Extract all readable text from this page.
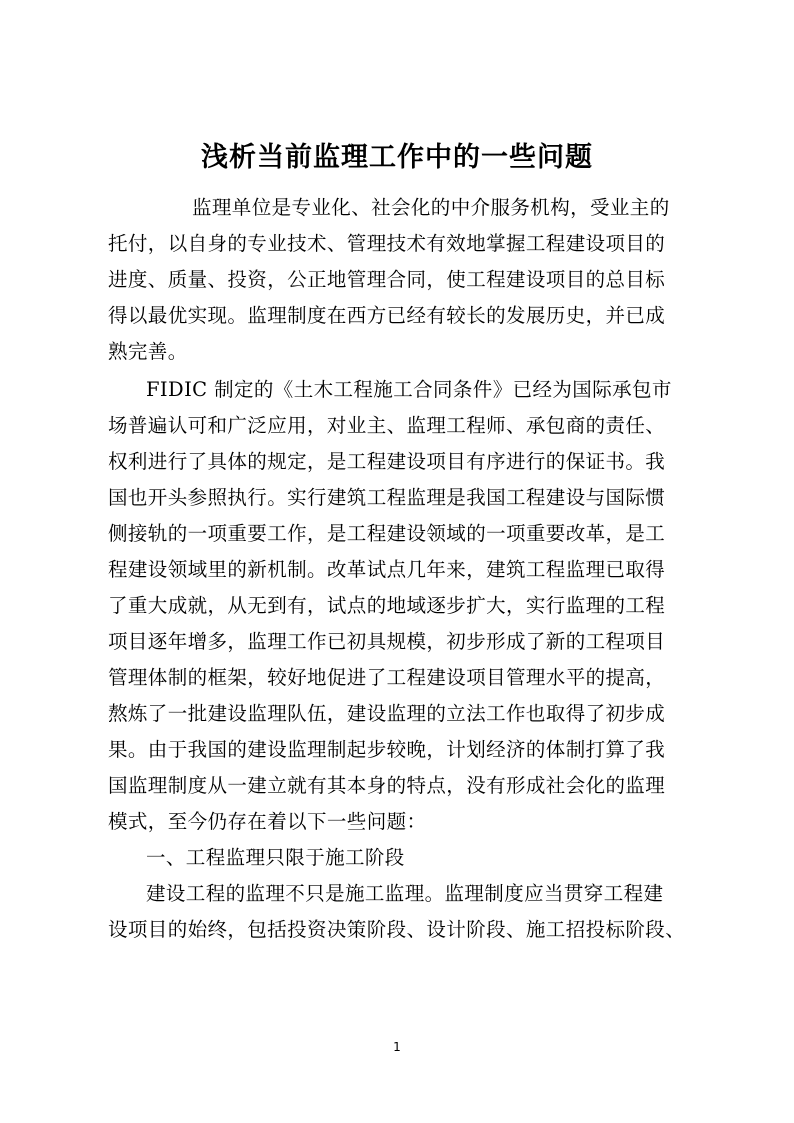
浅析当前监理工作中的一些问题
监理单位是专业化、社会化的中介服务机构，受业主的
托付，以自身的专业技术、管理技术有效地掌握工程建设项目的
进度、质量、投资，公正地管理合同，使工程建设项目的总目标
得以最优实现。监理制度在西方已经有较长的发展历史，并已成
熟完善。
FIDIC 制定的《土木工程施工合同条件》已经为国际承包市
场普遍认可和广泛应用，对业主、监理工程师、承包商的责任、
权利进行了具体的规定，是工程建设项目有序进行的保证书。我
国也开头参照执行。实行建筑工程监理是我国工程建设与国际惯
侧接轨的一项重要工作，是工程建设领域的一项重要改革，是工
程建设领域里的新机制。改革试点几年来，建筑工程监理已取得
了重大成就，从无到有，试点的地域逐步扩大，实行监理的工程
项目逐年增多，监理工作已初具规模，初步形成了新的工程项目
管理体制的框架，较好地促进了工程建设项目管理水平的提高，
熬炼了一批建设监理队伍，建设监理的立法工作也取得了初步成
果。由于我国的建设监理制起步较晚，计划经济的体制打算了我
国监理制度从一建立就有其本身的特点，没有形成社会化的监理
模式，至今仍存在着以下一些问题：
一、工程监理只限于施工阶段
建设工程的监理不只是施工监理。监理制度应当贯穿工程建
设项目的始终，包括投资决策阶段、设计阶段、施工招投标阶段、
1
